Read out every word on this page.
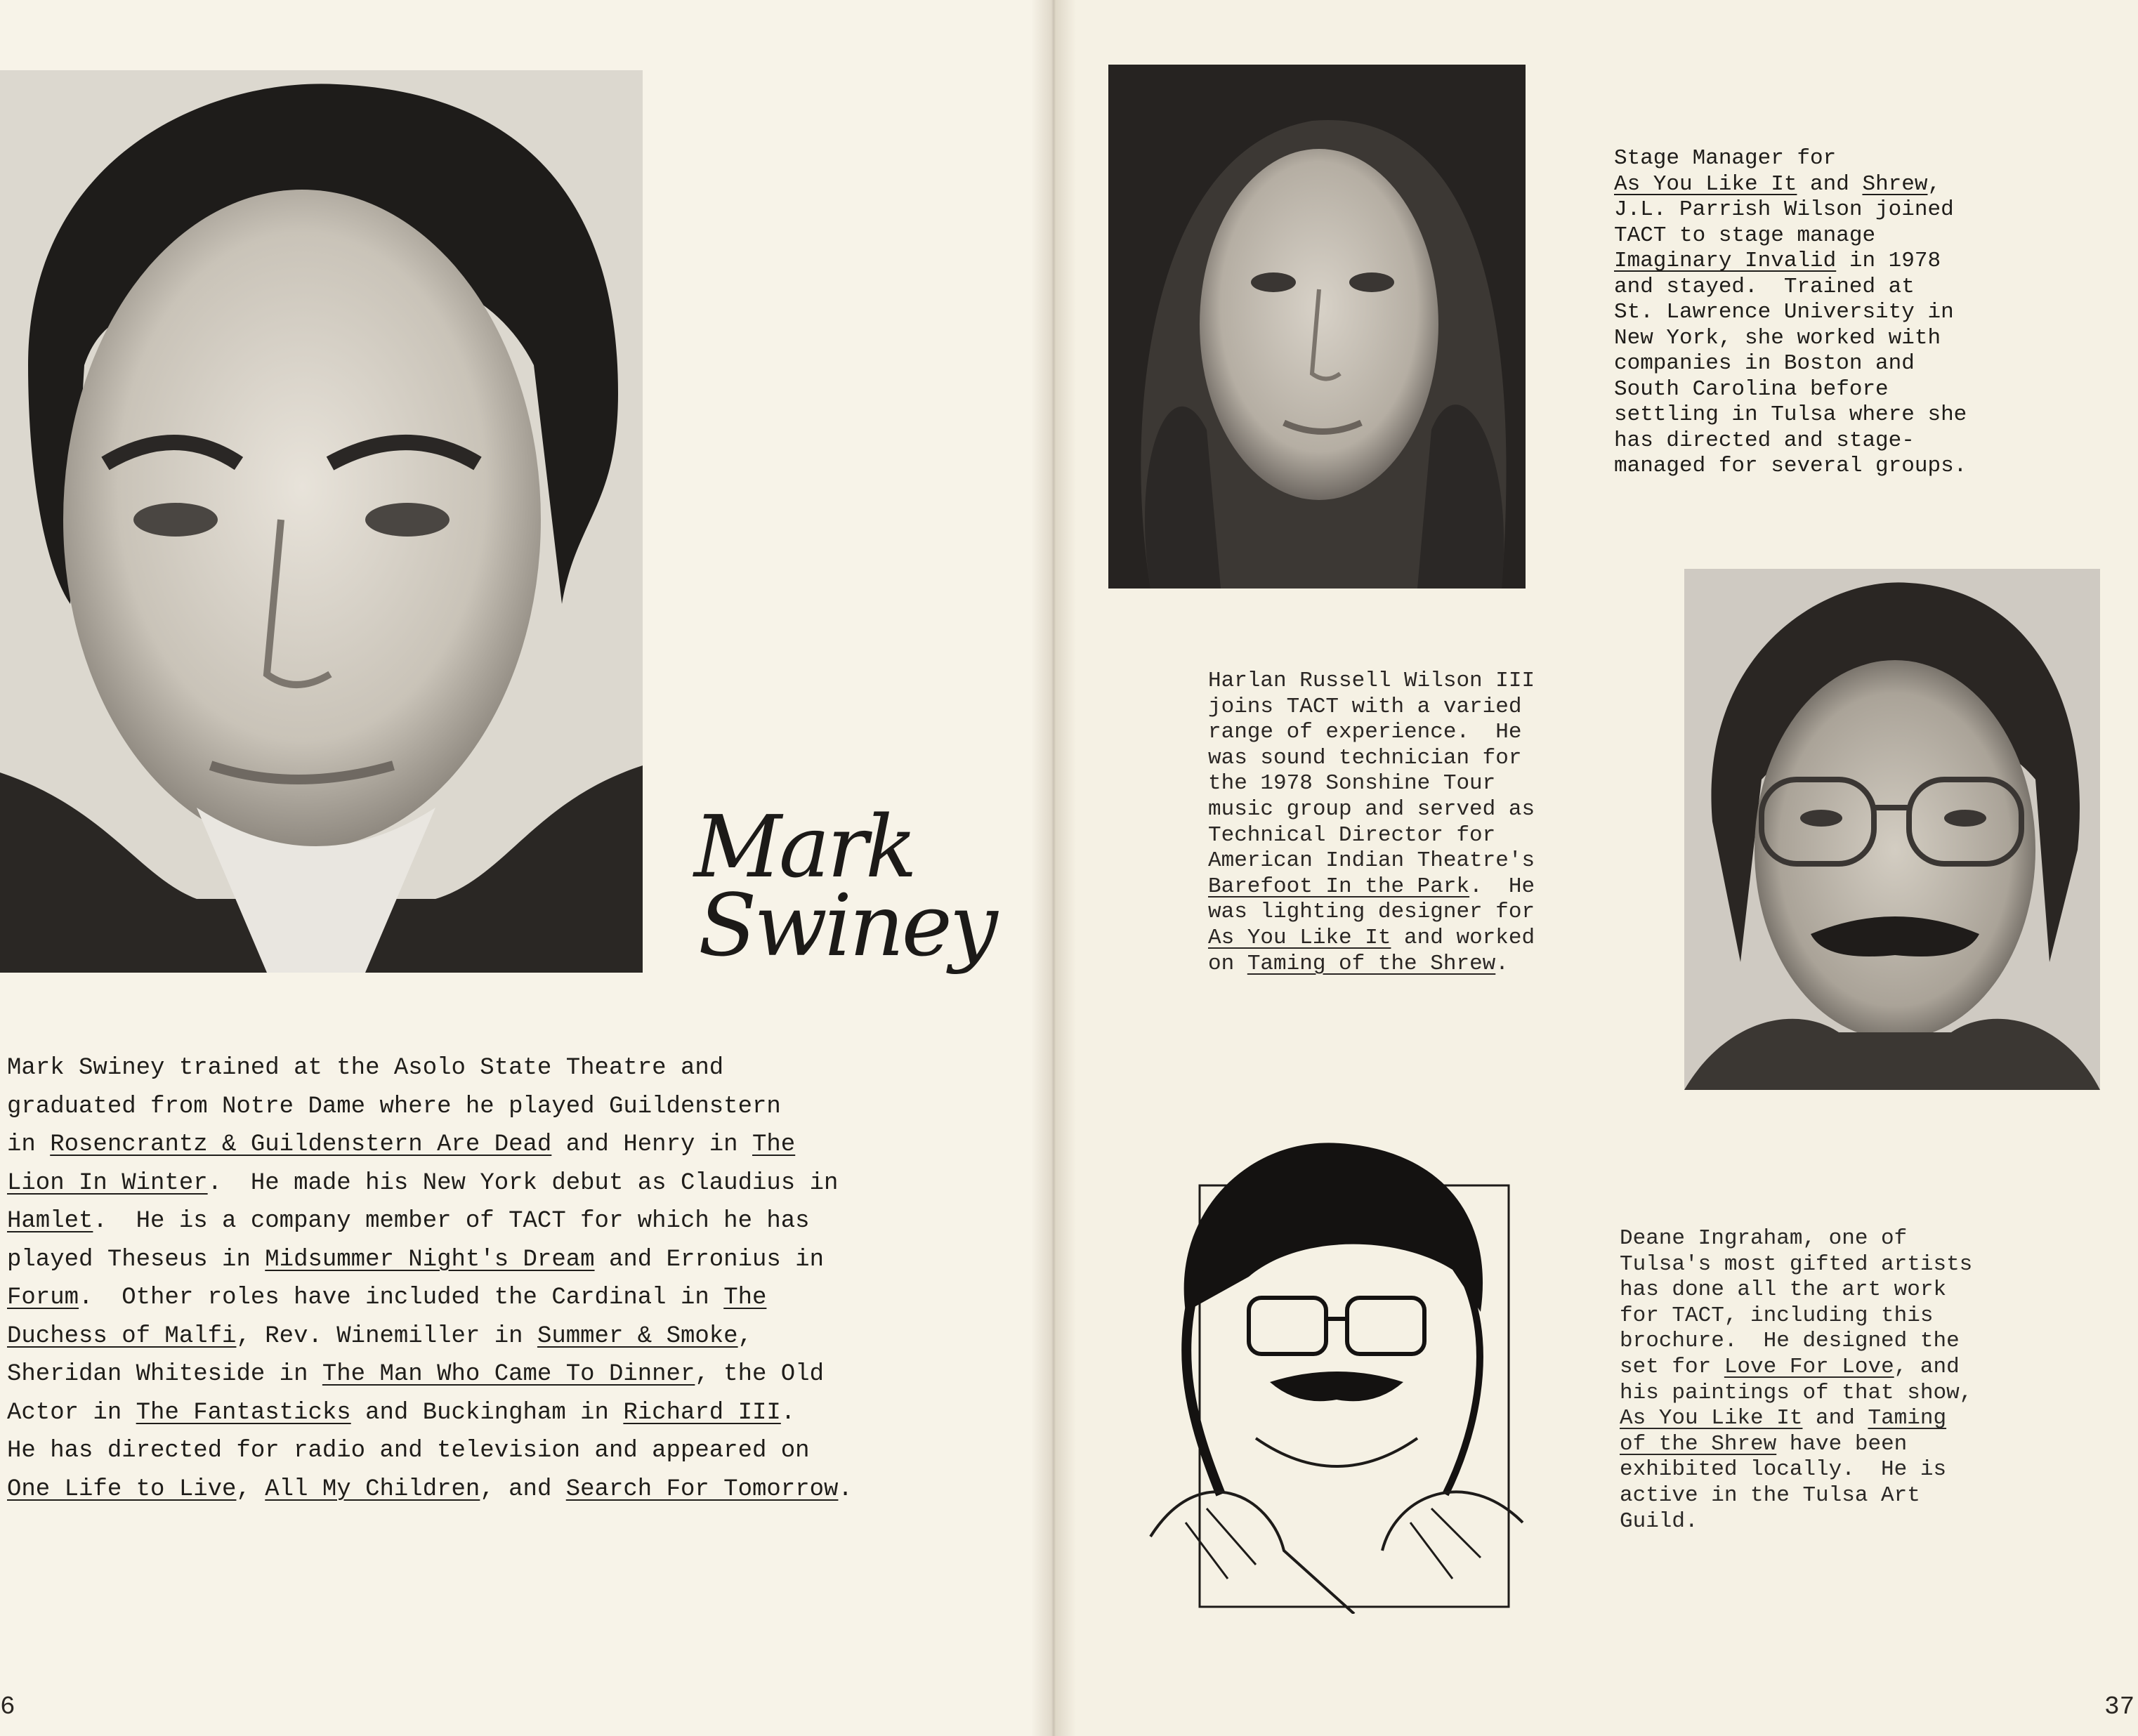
Mark
Swiney
Mark Swiney trained at the Asolo State Theatre and
graduated from Notre Dame where he played Guildenstern
in Rosencrantz & Guildenstern Are Dead and Henry in The
Lion In Winter.  He made his New York debut as Claudius in
Hamlet.  He is a company member of TACT for which he has
played Theseus in Midsummer Night's Dream and Erronius in
Forum.  Other roles have included the Cardinal in The
Duchess of Malfi, Rev. Winemiller in Summer & Smoke,
Sheridan Whiteside in The Man Who Came To Dinner, the Old
Actor in The Fantasticks and Buckingham in Richard III.
He has directed for radio and television and appeared on
One Life to Live, All My Children, and Search For Tomorrow.
Stage Manager for
As You Like It and Shrew,
J.L. Parrish Wilson joined
TACT to stage manage
Imaginary Invalid in 1978
and stayed.  Trained at
St. Lawrence University in
New York, she worked with
companies in Boston and
South Carolina before
settling in Tulsa where she
has directed and stage-
managed for several groups.
Harlan Russell Wilson III
joins TACT with a varied
range of experience.  He
was sound technician for
the 1978 Sonshine Tour
music group and served as
Technical Director for
American Indian Theatre's
Barefoot In the Park.  He
was lighting designer for
As You Like It and worked
on Taming of the Shrew.
Deane Ingraham, one of
Tulsa's most gifted artists
has done all the art work
for TACT, including this
brochure.  He designed the
set for Love For Love, and
his paintings of that show,
As You Like It and Taming
of the Shrew have been
exhibited locally.  He is
active in the Tulsa Art
Guild.
6	37
